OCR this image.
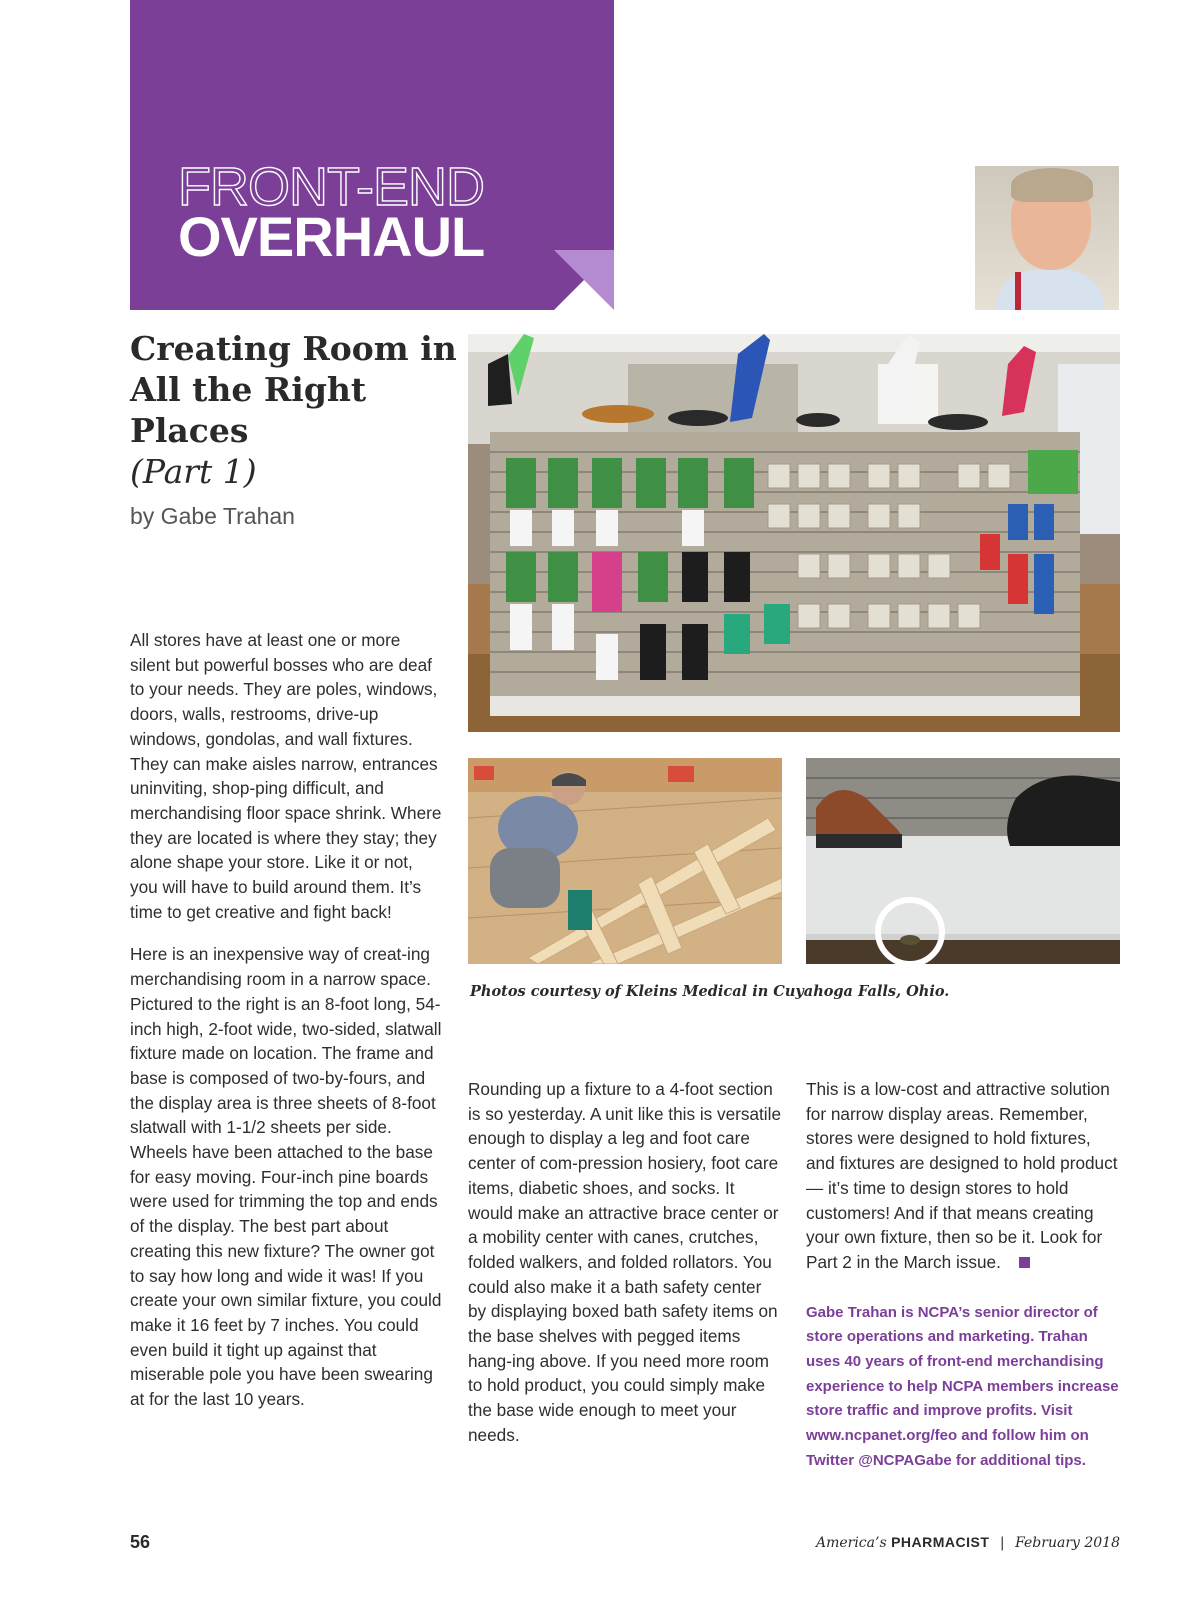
FRONT-END
OVERHAUL
Creating Room in All the Right Places
(Part 1)
by Gabe Trahan

All stores have at least one or more silent but powerful bosses who are deaf to your needs. They are poles, windows, doors, walls, restrooms, drive-up windows, gondolas, and wall fixtures. They can make aisles narrow, entrances uninviting, shop-ping difficult, and merchandising floor space shrink. Where they are located is where they stay; they alone shape your store. Like it or not, you will have to build around them. It’s time to get creative and fight back!

Here is an inexpensive way of creat-ing merchandising room in a narrow space. Pictured to the right is an 8-foot long, 54-inch high, 2-foot wide, two-sided, slatwall fixture made on location. The frame and base is composed of two-by-fours, and the display area is three sheets of 8-foot slatwall with 1-1/2 sheets per side. Wheels have been attached to the base for easy moving. Four-inch pine boards were used for trimming the top and ends of the display. The best part about creating this new fixture? The owner got to say how long and wide it was! If you create your own similar fixture, you could make it 16 feet by 7 inches. You could even build it tight up against that miserable pole you have been swearing at for the last 10 years.

Photos courtesy of Kleins Medical in Cuyahoga Falls, Ohio.

Rounding up a fixture to a 4-foot section is so yesterday. A unit like this is versatile enough to display a leg and foot care center of com-pression hosiery, foot care items, diabetic shoes, and socks. It would make an attractive brace center or a mobility center with canes, crutches, folded walkers, and folded rollators. You could also make it a bath safety center by displaying boxed bath safety items on the base shelves with pegged items hang-ing above. If you need more room to hold product, you could simply make the base wide enough to meet your needs.

This is a low-cost and attractive solution for narrow display areas. Remember, stores were designed to hold fixtures, and fixtures are designed to hold product — it’s time to design stores to hold customers! And if that means creating your own fixture, then so be it. Look for Part 2 in the March issue.

Gabe Trahan is NCPA’s senior director of store operations and marketing. Trahan uses 40 years of front-end merchandising experience to help NCPA members increase store traffic and improve profits. Visit www.ncpanet.org/feo and follow him on Twitter @NCPAGabe for additional tips.
56	America’s PHARMACIST | February 2018
